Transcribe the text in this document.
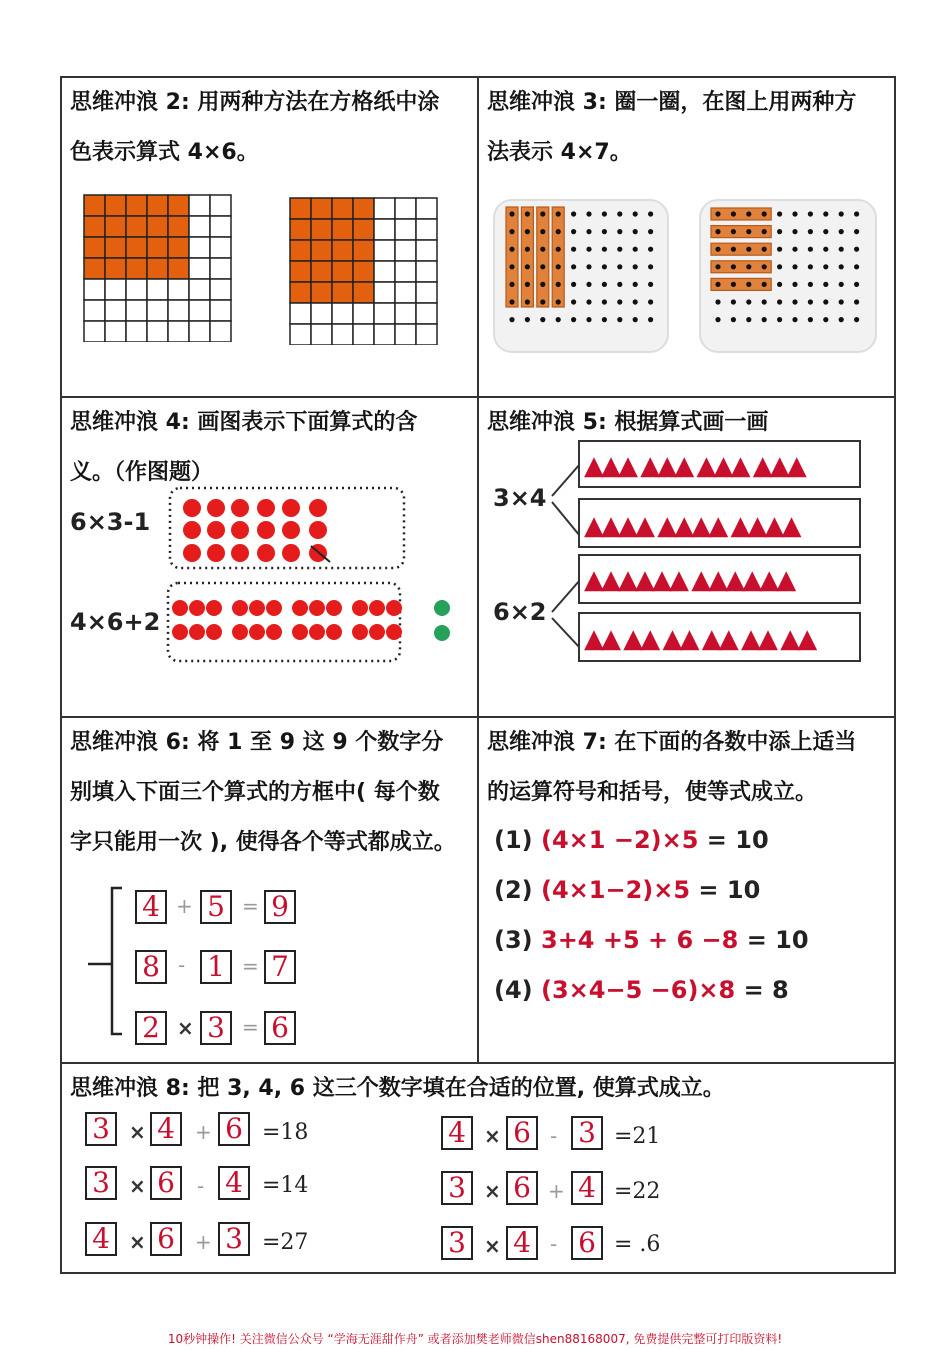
思维冲浪 2: 用两种方法在方格纸中涂
色表示算式 4×6。
思维冲浪 3: 圈一圈，在图上用两种方
法表示 4×7。
思维冲浪 4: 画图表示下面算式的含
义。（作图题）
6×3-1
4×6+2
思维冲浪 5: 根据算式画一画
3×4
6×2
▲▲▲ ▲▲▲ ▲▲▲ ▲▲▲
▲▲▲▲ ▲▲▲▲ ▲▲▲▲
▲▲▲▲▲▲ ▲▲▲▲▲▲
▲▲ ▲▲ ▲▲ ▲▲ ▲▲ ▲▲
思维冲浪 6: 将 1 至 9 这 9 个数字分
别填入下面三个算式的方框中( 每个数
字只能用一次 ), 使得各个等式都成立。
4 + 5 = 9
8 - 1 = 7
2 × 3 = 6
思维冲浪 7: 在下面的各数中添上适当
的运算符号和括号，使等式成立。
(1) (4×1 −2)×5 = 10
(2) (4×1−2)×5 = 10
(3) 3+4 +5 + 6 −8 = 10
(4) (3×4−5 −6)×8 = 8
思维冲浪 8: 把 3, 4, 6 这三个数字填在合适的位置, 使算式成立。
3 × 4	+ 6 =18
3 × 6	- 4 =14
4 × 6	+ 3 =27
4 × 6 - 3 =21
3 × 6 + 4 =22
3 × 4 - 6 = .6
10秒钟操作! 关注微信公众号 “学海无涯甜作舟” 或者添加樊老师微信shen88168007, 免费提供完整可打印版资料!
